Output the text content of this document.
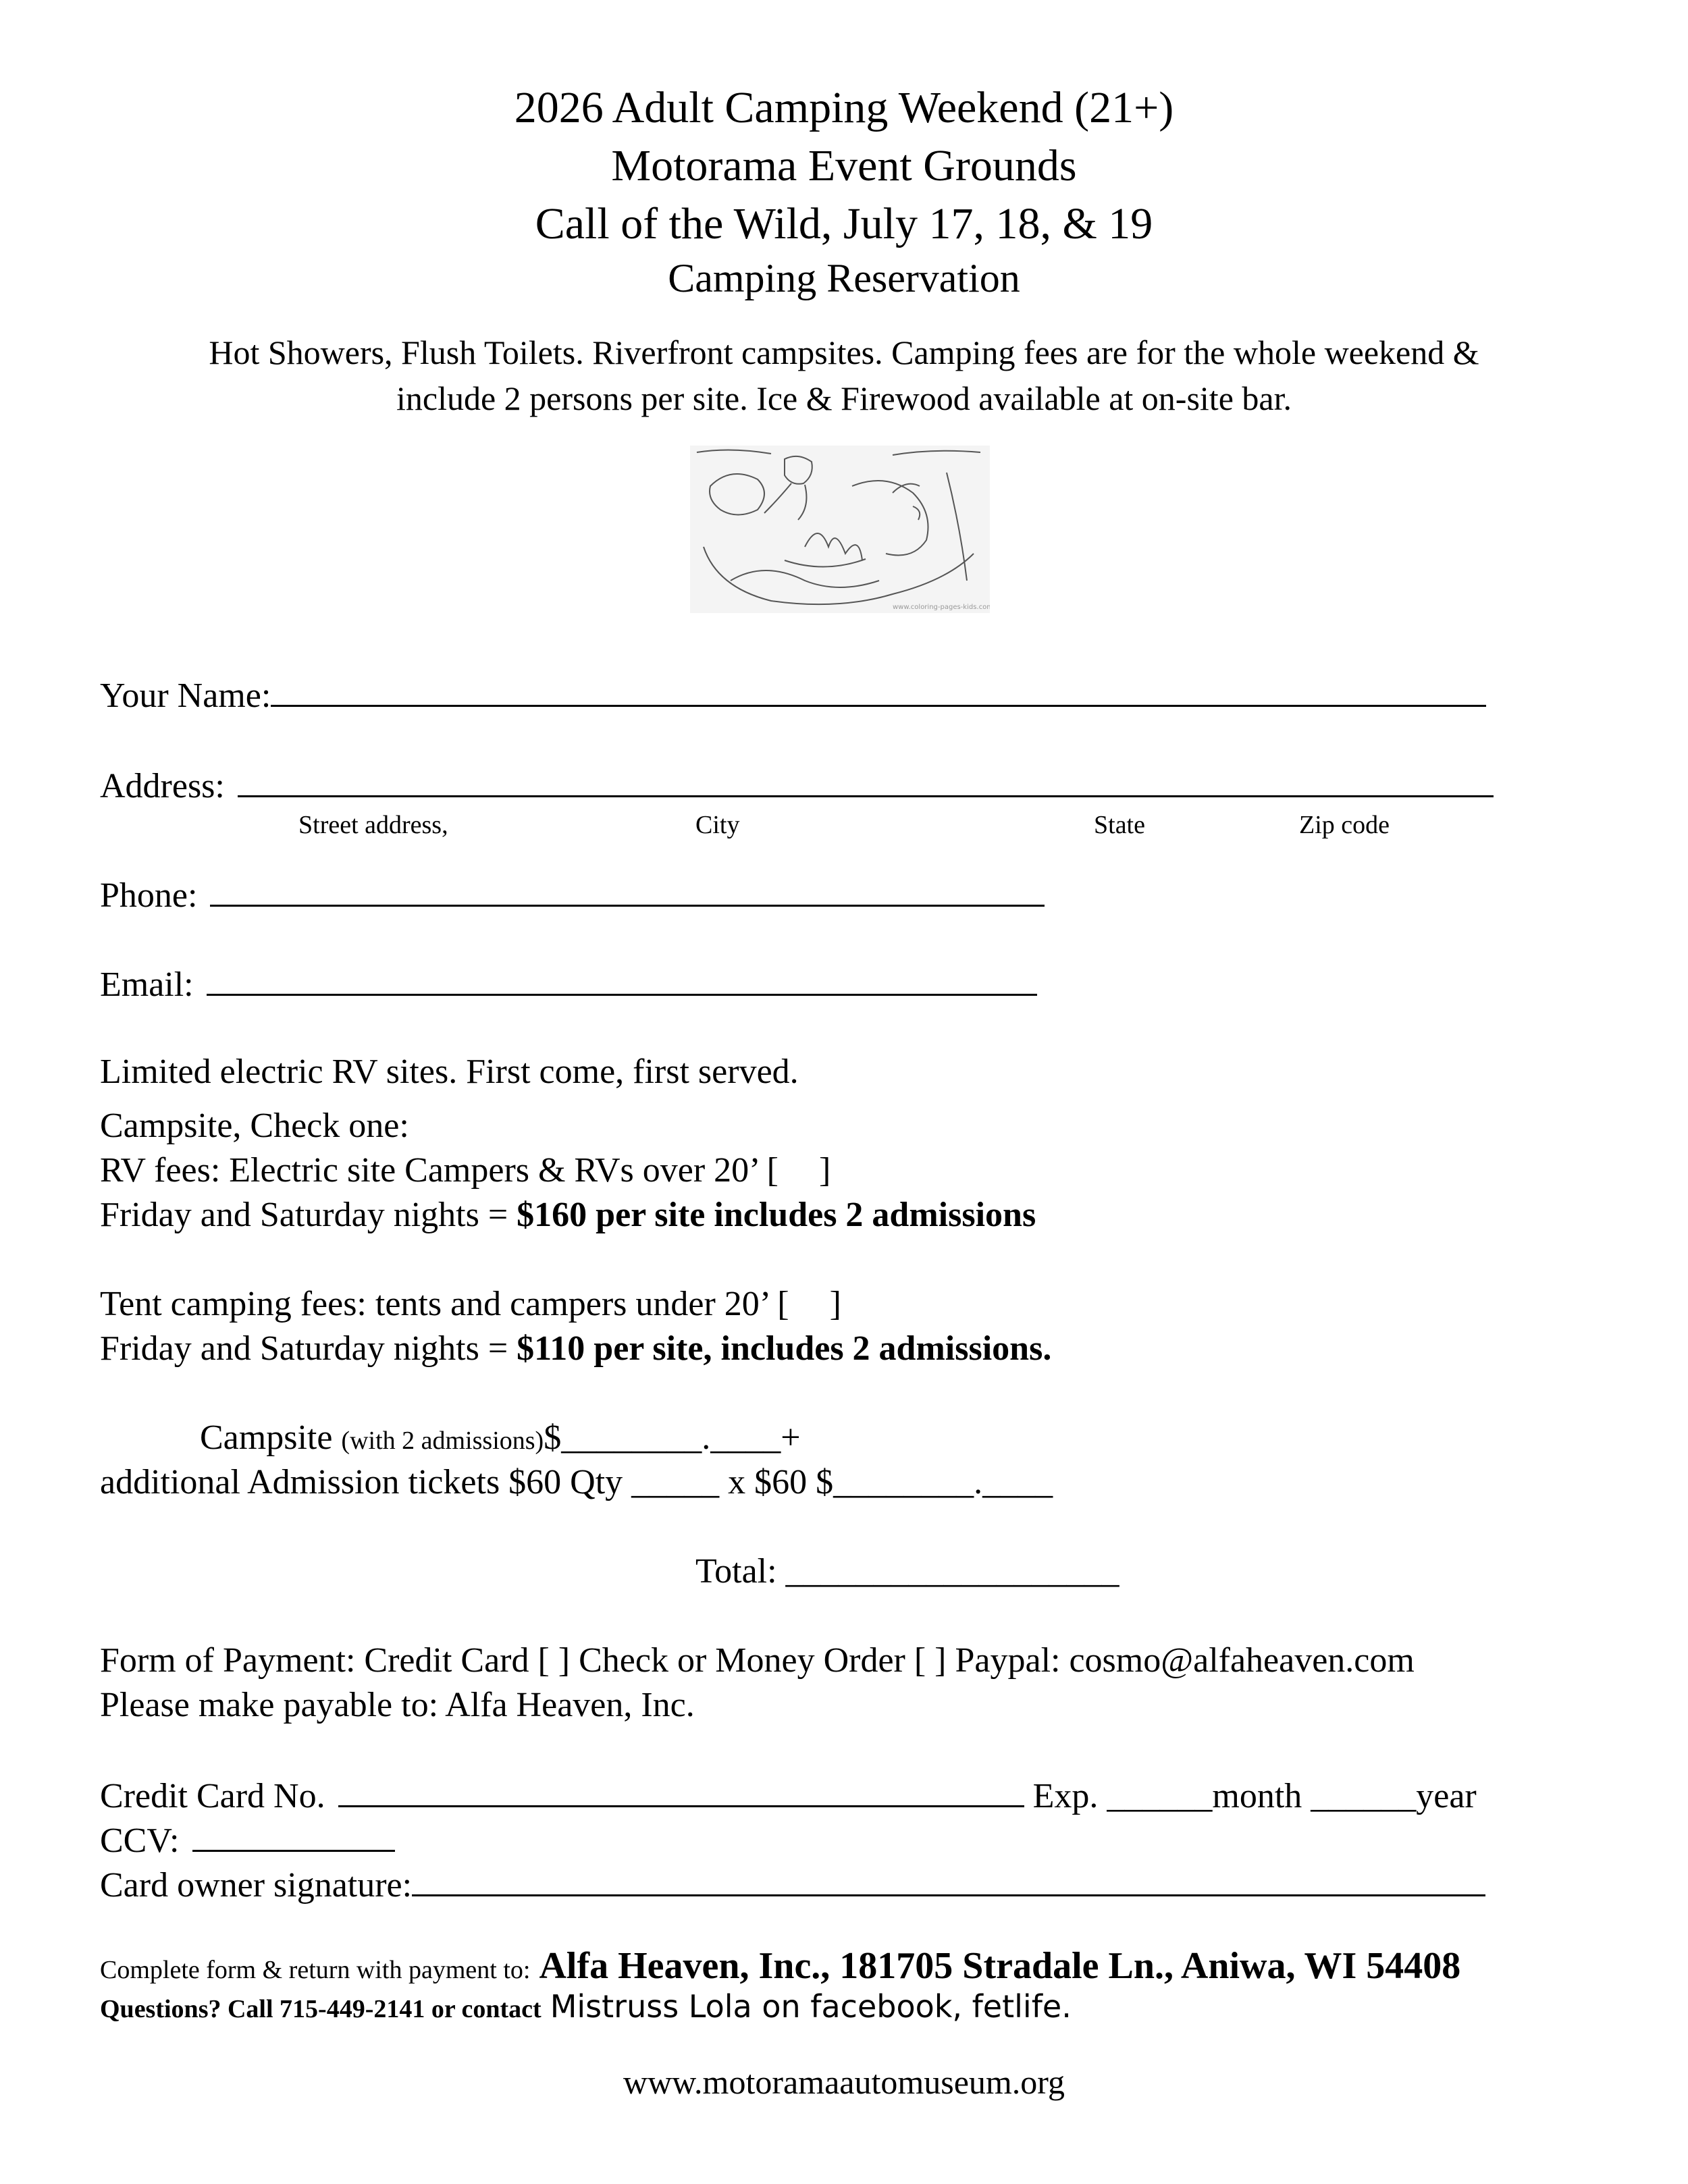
2026 Adult Camping Weekend (21+)
Motorama Event Grounds
Call of the Wild, July 17, 18, & 19
Camping Reservation
Hot Showers, Flush Toilets. Riverfront campsites. Camping fees are for the whole weekend &
include 2 persons per site. Ice & Firewood available at on-site bar.
www.coloring-pages-kids.com
Your Name:
Address:
Street address,	City	State	Zip code
Phone:
Email:
Limited electric RV sites. First come, first served.
Campsite, Check one:
RV fees: Electric site Campers & RVs over 20’ [ ]
Friday and Saturday nights = $160 per site includes 2 admissions
Tent camping fees: tents and campers under 20’ [ ]
Friday and Saturday nights = $110 per site, includes 2 admissions.
Campsite (with 2 admissions)$________.____+
additional Admission tickets $60 Qty _____ x $60 $________.____
Total: ___________________
Form of Payment: Credit Card [ ] Check or Money Order [ ] Paypal: cosmo@alfaheaven.com
Please make payable to: Alfa Heaven, Inc.
Credit Card No.	Exp. ______month ______year
CCV:
Card owner signature:
Complete form & return with payment to: Alfa Heaven, Inc., 181705 Stradale Ln., Aniwa, WI 54408
Questions? Call 715-449-2141 or contact Mistruss Lola on facebook, fetlife.
www.motoramaautomuseum.org
